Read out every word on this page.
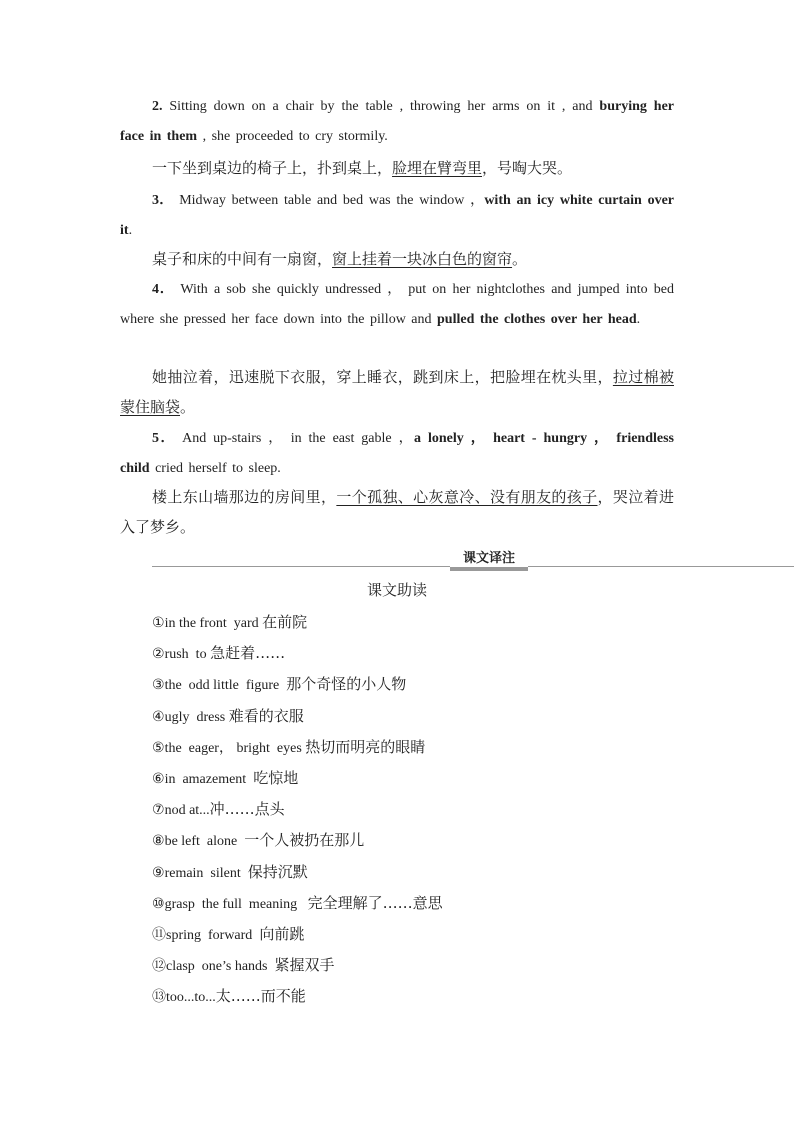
2. Sitting down on a chair by the table , throwing her arms on it , and burying her face in them , she proceeded to cry stormily.
一下坐到桌边的椅子上，扑到桌上，脸埋在臂弯里，号啕大哭。
3． Midway between table and bed was the window ，with an icy white curtain over it.
桌子和床的中间有一扇窗，窗上挂着一块冰白色的窗帘。
4． With a sob she quickly undressed ， put on her nightclothes and jumped into bed where she pressed her face down into the pillow and pulled the clothes over her head.
她抽泣着，迅速脱下衣服，穿上睡衣，跳到床上，把脸埋在枕头里，拉过棉被蒙住脑袋。
5． And up-stairs ， in the east gable ，a lonely ， heart - hungry ， friendless child cried herself to sleep.
楼上东山墙那边的房间里，一个孤独、心灰意冷、没有朋友的孩子，哭泣着进入了梦乡。
课文译注
课文助读
①in the front  yard 在前院
②rush  to 急赶着……
③the  odd little  figure  那个奇怪的小人物
④ugly  dress 难看的衣服
⑤the  eager， bright  eyes 热切而明亮的眼睛
⑥in  amazement  吃惊地
⑦nod at...冲……点头
⑧be left  alone  一个人被扔在那儿
⑨remain  silent  保持沉默
⑩grasp  the full  meaning   完全理解了……意思
⑪spring  forward  向前跳
⑫clasp  one’s hands  紧握双手
⑬too...to...太……而不能
